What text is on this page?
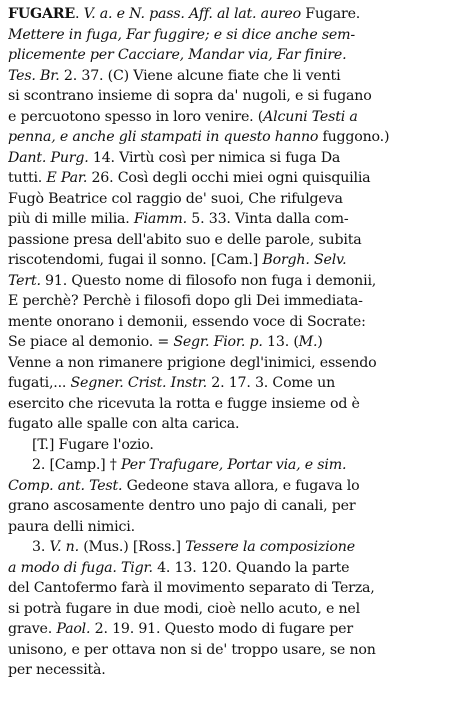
FUGARE. V. a. e N. pass. Aff. al lat. aureo Fugare.
Mettere in fuga, Far fuggire; e si dice anche sem-
plicemente per Cacciare, Mandar via, Far finire.
Tes. Br. 2. 37. (C) Viene alcune fiate che li venti
si scontrano insieme di sopra da' nugoli, e si fugano
e percuotono spesso in loro venire. (Alcuni Testi a
penna, e anche gli stampati in questo hanno fuggono.)
Dant. Purg. 14. Virtù così per nimica si fuga Da
tutti. E Par. 26. Così degli occhi miei ogni quisquilia
Fugò Beatrice col raggio de' suoi, Che rifulgeva
più di mille milia. Fiamm. 5. 33. Vinta dalla com-
passione presa dell'abito suo e delle parole, subita
riscotendomi, fugai il sonno. [Cam.] Borgh. Selv.
Tert. 91. Questo nome di filosofo non fuga i demonii,
E perchè? Perchè i filosofi dopo gli Dei immediata-
mente onorano i demonii, essendo voce di Socrate:
Se piace al demonio. = Segr. Fior. p. 13. (M.)
Venne a non rimanere prigione degl'inimici, essendo
fugati,... Segner. Crist. Instr. 2. 17. 3. Come un
esercito che ricevuta la rotta e fugge insieme od è
fugato alle spalle con alta carica.
[T.] Fugare l'ozio.
2. [Camp.] † Per Trafugare, Portar via, e sim.
Comp. ant. Test. Gedeone stava allora, e fugava lo
grano ascosamente dentro uno pajo di canali, per
paura delli nimici.
3. V. n. (Mus.) [Ross.] Tessere la composizione
a modo di fuga. Tigr. 4. 13. 120. Quando la parte
del Cantofermo farà il movimento separato di Terza,
si potrà fugare in due modi, cioè nello acuto, e nel
grave. Paol. 2. 19. 91. Questo modo di fugare per
unisono, e per ottava non si de' troppo usare, se non
per necessità.
